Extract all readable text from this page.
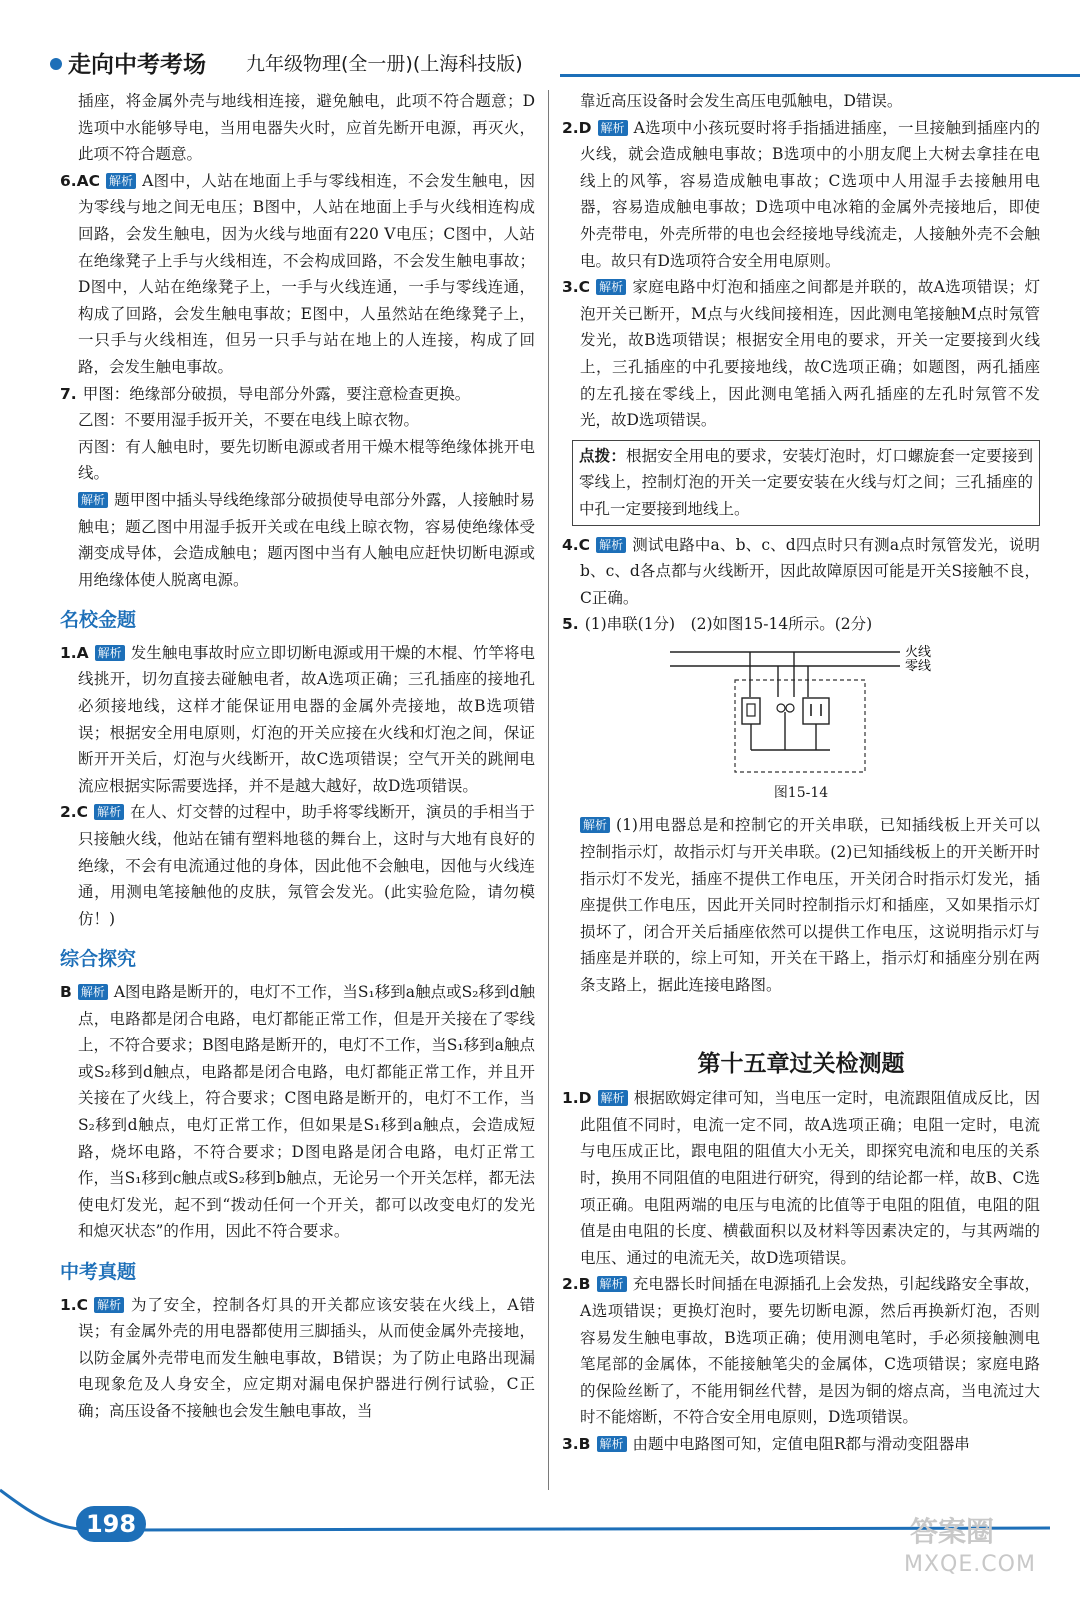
走向中考考场 九年级物理(全一册)(上海科技版)

插座，将金属外壳与地线相连接，避免触电，此项不符合题意；D选项中水能够导电，当用电器失火时，应首先断开电源，再灭火，此项不符合题意。

6.AC 解析 A图中，人站在地面上手与零线相连，不会发生触电，因为零线与地之间无电压；B图中，人站在地面上手与火线相连构成回路，会发生触电，因为火线与地面有220 V电压；C图中，人站在绝缘凳子上手与火线相连，不会构成回路，不会发生触电事故；D图中，人站在绝缘凳子上，一手与火线连通，一手与零线连通，构成了回路，会发生触电事故；E图中，人虽然站在绝缘凳子上，一只手与火线相连，但另一只手与站在地上的人连接，构成了回路，会发生触电事故。

7. 甲图：绝缘部分破损，导电部分外露，要注意检查更换。

乙图：不要用湿手扳开关，不要在电线上晾衣物。

丙图：有人触电时，要先切断电源或者用干燥木棍等绝缘体挑开电线。

解析 题甲图中插头导线绝缘部分破损使导电部分外露，人接触时易触电；题乙图中用湿手扳开关或在电线上晾衣物，容易使绝缘体受潮变成导体，会造成触电；题丙图中当有人触电应赶快切断电源或用绝缘体使人脱离电源。

名校金题

1.A 解析 发生触电事故时应立即切断电源或用干燥的木棍、竹竿将电线挑开，切勿直接去碰触电者，故A选项正确；三孔插座的接地孔必须接地线，这样才能保证用电器的金属外壳接地，故B选项错误；根据安全用电原则，灯泡的开关应接在火线和灯泡之间，保证断开开关后，灯泡与火线断开，故C选项错误；空气开关的跳闸电流应根据实际需要选择，并不是越大越好，故D选项错误。

2.C 解析 在人、灯交替的过程中，助手将零线断开，演员的手相当于只接触火线，他站在铺有塑料地毯的舞台上，这时与大地有良好的绝缘，不会有电流通过他的身体，因此他不会触电，因他与火线连通，用测电笔接触他的皮肤，氖管会发光。(此实验危险，请勿模仿！)

综合探究

B 解析 A图电路是断开的，电灯不工作，当S₁移到a触点或S₂移到d触点，电路都是闭合电路，电灯都能正常工作，但是开关接在了零线上，不符合要求；B图电路是断开的，电灯不工作，当S₁移到a触点或S₂移到d触点，电路都是闭合电路，电灯都能正常工作，并且开关接在了火线上，符合要求；C图电路是断开的，电灯不工作，当S₂移到d触点，电灯正常工作，但如果是S₁移到a触点，会造成短路，烧坏电路，不符合要求；D图电路是闭合电路，电灯正常工作，当S₁移到c触点或S₂移到b触点，无论另一个开关怎样，都无法使电灯发光，起不到“拨动任何一个开关，都可以改变电灯的发光和熄灭状态”的作用，因此不符合要求。

中考真题

1.C 解析 为了安全，控制各灯具的开关都应该安装在火线上，A错误；有金属外壳的用电器都使用三脚插头，从而使金属外壳接地，以防金属外壳带电而发生触电事故，B错误；为了防止电路出现漏电现象危及人身安全，应定期对漏电保护器进行例行试验，C正确；高压设备不接触也会发生触电事故，当

靠近高压设备时会发生高压电弧触电，D错误。

2.D 解析 A选项中小孩玩耍时将手指插进插座，一旦接触到插座内的火线，就会造成触电事故；B选项中的小朋友爬上大树去拿挂在电线上的风筝，容易造成触电事故；C选项中人用湿手去接触用电器，容易造成触电事故；D选项中电冰箱的金属外壳接地后，即使外壳带电，外壳所带的电也会经接地导线流走，人接触外壳不会触电。故只有D选项符合安全用电原则。

3.C 解析 家庭电路中灯泡和插座之间都是并联的，故A选项错误；灯泡开关已断开，M点与火线间接相连，因此测电笔接触M点时氖管发光，故B选项错误；根据安全用电的要求，开关一定要接到火线上，三孔插座的中孔要接地线，故C选项正确；如题图，两孔插座的左孔接在零线上，因此测电笔插入两孔插座的左孔时氖管不发光，故D选项错误。

点拨：根据安全用电的要求，安装灯泡时，灯口螺旋套一定要接到零线上，控制灯泡的开关一定要安装在火线与灯之间；三孔插座的中孔一定要接到地线上。

4.C 解析 测试电路中a、b、c、d四点时只有测a点时氖管发光，说明b、c、d各点都与火线断开，因此故障原因可能是开关S接触不良，C正确。

5. (1)串联(1分)　(2)如图15-14所示。(2分)

火线
零线
图15-14

解析 (1)用电器总是和控制它的开关串联，已知插线板上开关可以控制指示灯，故指示灯与开关串联。(2)已知插线板上的开关断开时指示灯不发光，插座不提供工作电压，开关闭合时指示灯发光，插座提供工作电压，因此开关同时控制指示灯和插座，又如果指示灯损坏了，闭合开关后插座依然可以提供工作电压，这说明指示灯与插座是并联的，综上可知，开关在干路上，指示灯和插座分别在两条支路上，据此连接电路图。

第十五章过关检测题

1.D 解析 根据欧姆定律可知，当电压一定时，电流跟阻值成反比，因此阻值不同时，电流一定不同，故A选项正确；电阻一定时，电流与电压成正比，跟电阻的阻值大小无关，即探究电流和电压的关系时，换用不同阻值的电阻进行研究，得到的结论都一样，故B、C选项正确。电阻两端的电压与电流的比值等于电阻的阻值，电阻的阻值是由电阻的长度、横截面积以及材料等因素决定的，与其两端的电压、通过的电流无关，故D选项错误。

2.B 解析 充电器长时间插在电源插孔上会发热，引起线路安全事故，A选项错误；更换灯泡时，要先切断电源，然后再换新灯泡，否则容易发生触电事故，B选项正确；使用测电笔时，手必须接触测电笔尾部的金属体，不能接触笔尖的金属体，C选项错误；家庭电路的保险丝断了，不能用铜丝代替，是因为铜的熔点高，当电流过大时不能熔断，不符合安全用电原则，D选项错误。

3.B 解析 由题中电路图可知，定值电阻R都与滑动变阻器串

198	答案圈
MXQE.COM
